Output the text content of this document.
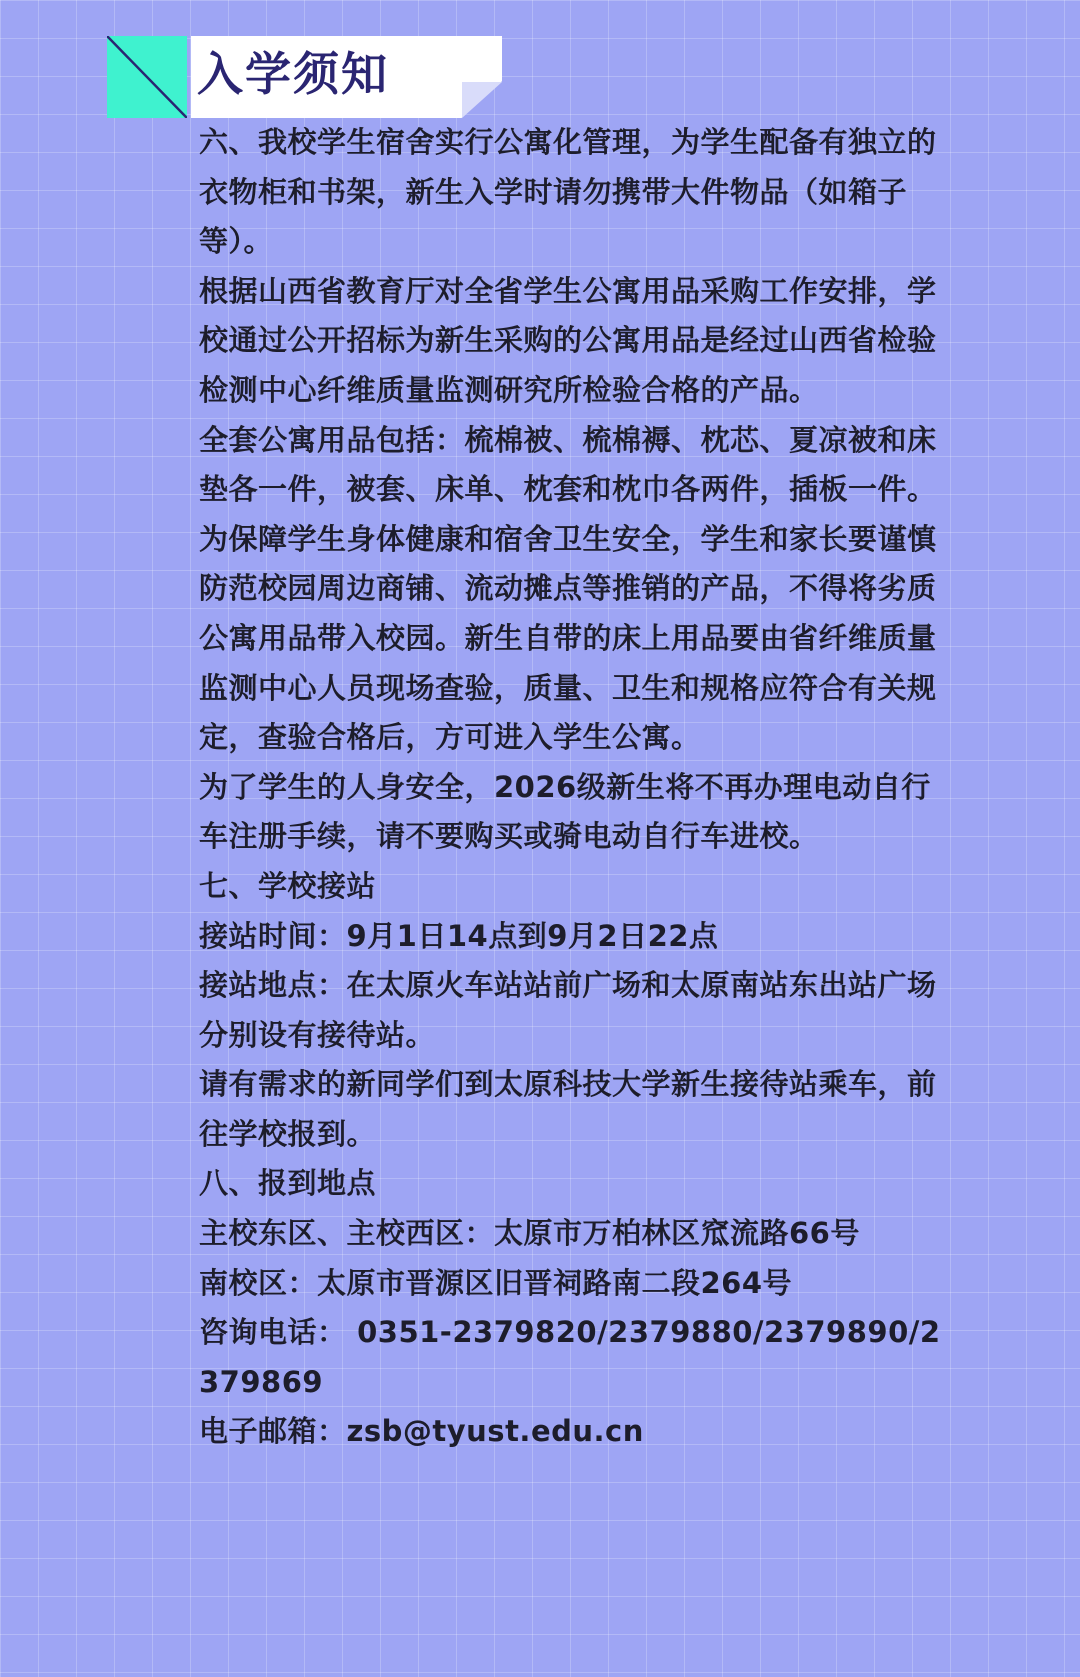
入学须知

六、我校学生宿舍实行公寓化管理，为学生配备有独立的衣物柜和书架，新生入学时请勿携带大件物品（如箱子等）。

根据山西省教育厅对全省学生公寓用品采购工作安排，学校通过公开招标为新生采购的公寓用品是经过山西省检验检测中心纤维质量监测研究所检验合格的产品。

全套公寓用品包括：梳棉被、梳棉褥、枕芯、夏凉被和床垫各一件，被套、床单、枕套和枕巾各两件，插板一件。

为保障学生身体健康和宿舍卫生安全，学生和家长要谨慎防范校园周边商铺、流动摊点等推销的产品，不得将劣质公寓用品带入校园。新生自带的床上用品要由省纤维质量监测中心人员现场查验，质量、卫生和规格应符合有关规定，查验合格后，方可进入学生公寓。

为了学生的人身安全，2026级新生将不再办理电动自行车注册手续，请不要购买或骑电动自行车进校。

七、学校接站

接站时间：9月1日14点到9月2日22点

接站地点：在太原火车站站前广场和太原南站东出站广场分别设有接待站。

请有需求的新同学们到太原科技大学新生接待站乘车，前往学校报到。

八、报到地点

主校东区、主校西区：太原市万柏林区窊流路66号

南校区：太原市晋源区旧晋祠路南二段264号

咨询电话： 0351-2379820/2379880/2379890/2379869

电子邮箱：zsb@tyust.edu.cn
